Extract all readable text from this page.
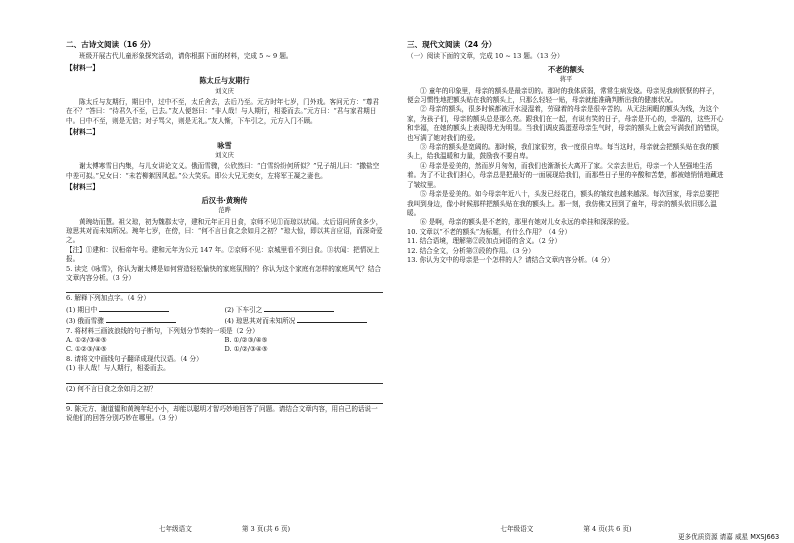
二、古诗文阅读（16 分）

班级开展古代儿童形象探究活动，请你根据下面的材料，完成 5 ~ 9 题。

【材料一】
陈太丘与友期行
刘义庆

陈太丘与友期行，期日中，过中不至，太丘舍去，去后乃至。元方时年七岁，门外戏。客问元方：“尊君在不？”答曰：“待君久不至，已去。”友人便怒曰：“非人哉！与人期行，相委而去。”元方曰：“君与家君期日中。日中不至，则是无信；对子骂父，则是无礼。”友人惭，下车引之，元方入门不顾。

【材料二】
咏雪
刘义庆

谢太傅寒雪日内集，与儿女讲论文义。俄而雪骤，公欣然曰：“白雪纷纷何所似？”兄子胡儿曰：“撒盐空中差可拟。”兄女曰：“未若柳絮因风起。”公大笑乐。即公大兄无奕女，左将军王凝之妻也。

【材料三】
后汉书·黄琬传
范晔

黄琬幼而慧。祖父琼，初为魏郡太守，建和元年正月日食，京师不见①而琼以状闻。太后诏问所食多少，琼思其对而未知所况。琬年七岁，在傍，曰：“何不言日食之余如月之初？”琼大惊，即以其言应诏，而深奇爱之。

【注】①建和：汉桓帝年号。建和元年为公元 147 年。②京师不见：京城里看不到日食。③状闻：把情况上报。

5. 读完《咏雪》，你认为谢太傅是如何营造轻松愉快的家庭氛围的？你认为这个家庭有怎样的家庭风气？结合文章内容分析。（3 分）

6. 解释下列加点字。（4 分）

(1) 期日中	(2) 下车引之
(3) 俄而雪骤	(4) 琼思其对而未知所况

7. 将材料三画波浪线的句子断句，下列划分节奏的一项是（2 分）

A. ①②/③④⑤	B. ①/②③/④⑤
C. ①②③/④⑤	D. ①/②/③④⑤

8. 请将文中画线句子翻译成现代汉语。（4 分）

(1) 非人哉！与人期行，相委而去。

(2) 何不言日食之余如月之初？

9. 陈元方、谢道韫和黄琬年纪小小，却能以聪明才智巧妙地回答了问题。请结合文章内容，用自己的话说一说他们的回答分别巧妙在哪里。（3 分）

七年级语文	第 3 页(共 6 页)
三、现代文阅读（24 分）

（一）阅读下面的文章，完成 10 ~ 13 题。（13 分）

不老的额头
蒋平

① 童年的印象里，母亲的额头是最亲切的。那时的我体质弱，常常生病发烧。母亲见我病恹恹的样子，便会习惯性地把额头贴在我的额头上，只那么轻轻一贴，母亲就能准确判断出我的健康状况。

② 母亲的额头，很多时候都被汗水浸湿着，劳碌着的母亲是很辛苦的。从无法闲暇的额头为线，为这个家，为孩子们，母亲的额头总是那么亮。跟我们在一起，有说有笑的日子，母亲是开心的，幸福的，这些开心和幸福，在她的额头上表现得尤为明显。当我们调皮捣蛋惹母亲生气时，母亲的额头上就会写满我们的错误，也写满了她对我们的爱。

③ 母亲的额头是宽阔的。那时候，我们家很穷，我一度很自卑。每当这时，母亲就会把额头贴在我的额头上，给我温暖和力量，鼓励我不要自卑。

④ 母亲是爱美的，然而岁月匆匆，而我们也渐渐长大离开了家。父亲去世后，母亲一个人坚强地生活着。为了不让我们担心，母亲总是把最好的一面展现给我们，而那些日子里的辛酸和苦楚，都被她悄悄地藏进了皱纹里。

⑤ 母亲是爱美的。如今母亲年近八十，头发已经花白，额头的皱纹也越来越深。每次回家，母亲总要把我叫到身边，像小时候那样把额头贴在我的额头上。那一刻，我仿佛又回到了童年，母亲的额头依旧那么温暖。

⑥ 是啊，母亲的额头是不老的，那里有她对儿女永远的牵挂和深深的爱。

10. 文章以“不老的额头”为标题，有什么作用？（4 分）

11. 结合语境，理解第②段加点词语的含义。（2 分）

12. 结合全文，分析第③段的作用。（3 分）

13. 你认为文中的母亲是一个怎样的人？请结合文章内容分析。（4 分）

七年级语文	第 4 页(共 6 页)
更多优质资源 请嘉 威星 MXSJ663
